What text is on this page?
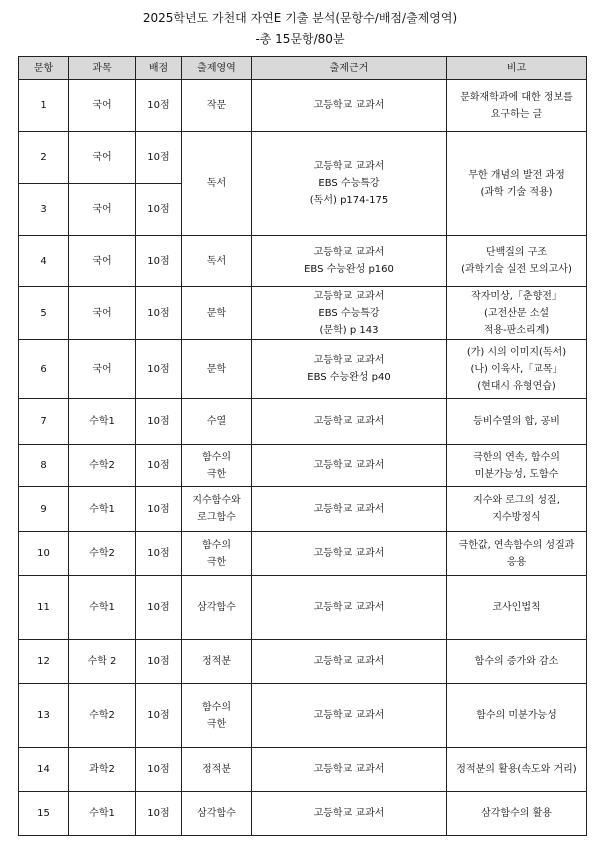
2025학년도 가천대 자연E 기출 분석(문항수/배점/출제영역)
-총 15문항/80분
문항	과목	배점	출제영역	출제근거	비고
1	국어	10점	작문	고등학교 교과서	문화재학과에 대한 정보를
요구하는 글

2	국어	10점	독서	고등학교 교과서
EBS 수능특강
(독서) p174-175	무한 개념의 발전 과정
(과학 기술 적용)

3	국어	10점			
4	국어	10점	독서	고등학교 교과서
EBS 수능완성 p160	단백질의 구조
(과학기술 실전 모의고사)

5	국어	10점	문학	고등학교 교과서
EBS 수능특강
(문학) p 143	작자미상,「춘향전」
(고전산문 소설
적용-판소리계)

6	국어	10점	문학	고등학교 교과서
EBS 수능완성 p40	(가) 시의 이미지(독서)
(나) 이육사,「교목」
(현대시 유형연습)

7	수학1	10점	수열	고등학교 교과서	등비수열의 합, 공비

8	수학2	10점	함수의
극한	고등학교 교과서	극한의 연속, 함수의
미분가능성, 도함수

9	수학1	10점	지수함수와
로그함수	고등학교 교과서	지수와 로그의 성질,
지수방정식

10	수학2	10점	함수의
극한	고등학교 교과서	극한값, 연속함수의 성질과
응용

11	수학1	10점	삼각함수	고등학교 교과서	코사인법칙

12	수학 2	10점	정적분	고등학교 교과서	함수의 증가와 감소

13	수학2	10점	함수의
극한	고등학교 교과서	함수의 미분가능성

14	과학2	10점	정적분	고등학교 교과서	정적분의 활용(속도와 거리)

15	수학1	10점	삼각함수	고등학교 교과서	삼각함수의 활용
